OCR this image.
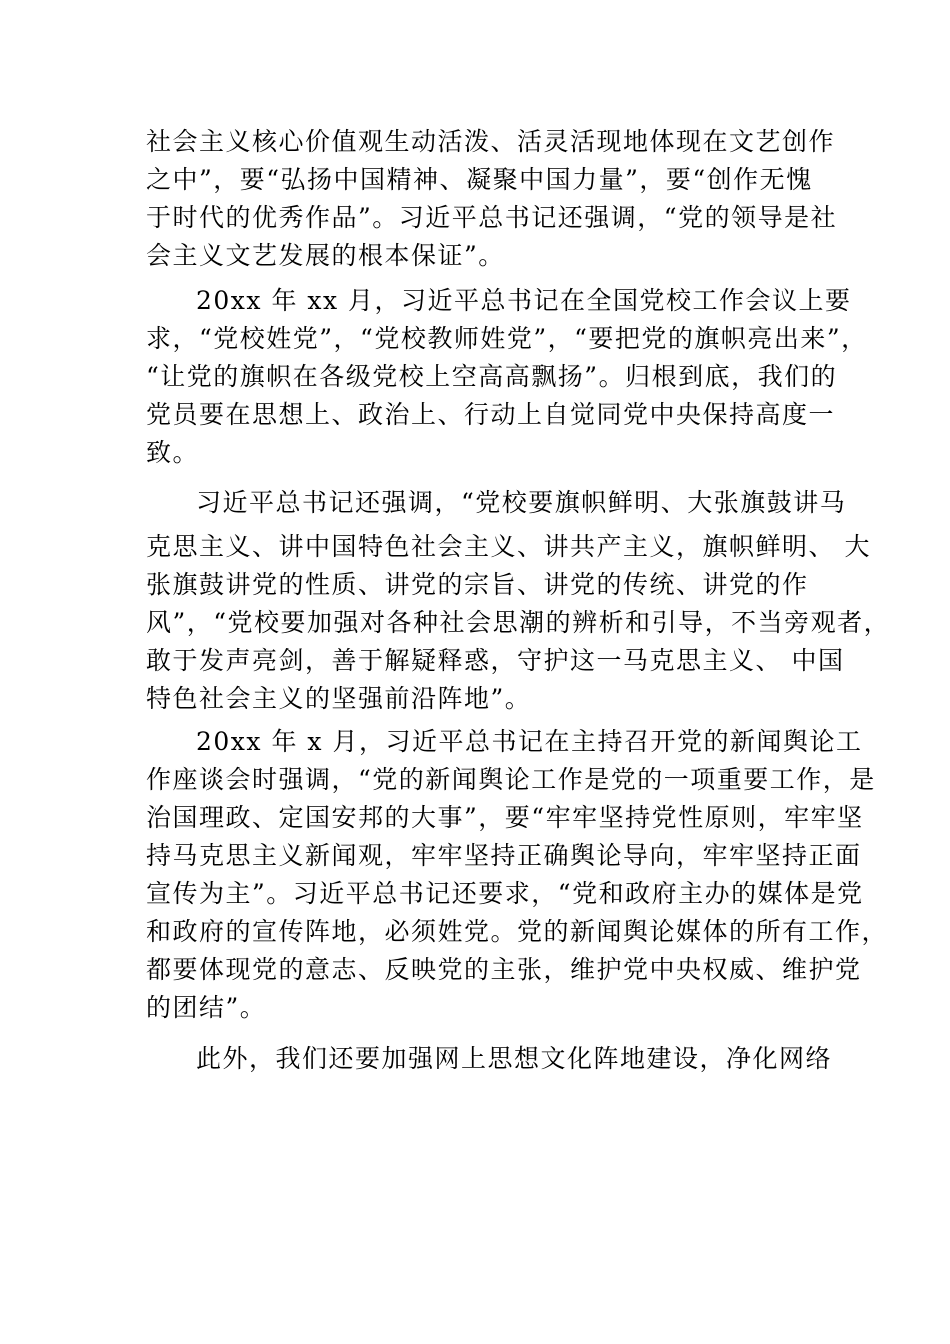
社会主义核心价值观生动活泼、活灵活现地体现在文艺创作
之中”，要“弘扬中国精神、凝聚中国力量”，要“创作无愧
于时代的优秀作品”。习近平总书记还强调，“党的领导是社
会主义文艺发展的根本保证”。
20xx 年 xx 月，习近平总书记在全国党校工作会议上要
求，“党校姓党”，“党校教师姓党”，“要把党的旗帜亮出来”，
“让党的旗帜在各级党校上空高高飘扬”。归根到底，我们的
党员要在思想上、政治上、行动上自觉同党中央保持高度一
致。
习近平总书记还强调，“党校要旗帜鲜明、大张旗鼓讲马
克思主义、讲中国特色社会主义、讲共产主义，旗帜鲜明、 大
张旗鼓讲党的性质、讲党的宗旨、讲党的传统、讲党的作
风”，“党校要加强对各种社会思潮的辨析和引导，不当旁观者，
敢于发声亮剑，善于解疑释惑，守护这一马克思主义、 中国
特色社会主义的坚强前沿阵地”。
20xx 年 x 月，习近平总书记在主持召开党的新闻舆论工
作座谈会时强调，“党的新闻舆论工作是党的一项重要工作，是
治国理政、定国安邦的大事”，要“牢牢坚持党性原则，牢牢坚
持马克思主义新闻观，牢牢坚持正确舆论导向，牢牢坚持正面
宣传为主”。习近平总书记还要求，“党和政府主办的媒体是党
和政府的宣传阵地，必须姓党。党的新闻舆论媒体的所有工作，
都要体现党的意志、反映党的主张，维护党中央权威、维护党
的团结”。
此外，我们还要加强网上思想文化阵地建设，净化网络
